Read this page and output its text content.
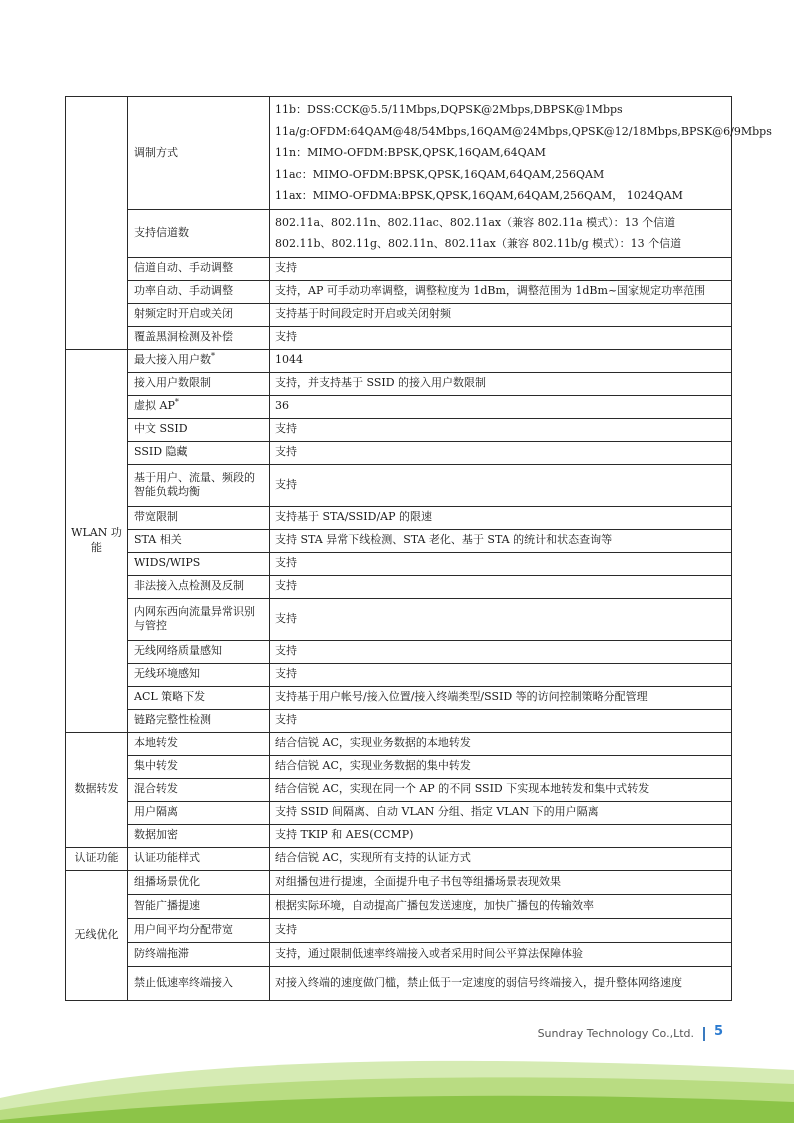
	调制方式	11b：DSS:CCK@5.5/11Mbps,DQPSK@2Mbps,DBPSK@1Mbps
11a/g:OFDM:64QAM@48/54Mbps,16QAM@24Mbps,QPSK@12/18Mbps,BPSK@6/9Mbps
11n：MIMO-OFDM:BPSK,QPSK,16QAM,64QAM
11ac：MIMO-OFDM:BPSK,QPSK,16QAM,64QAM,256QAM
11ax：MIMO-OFDMA:BPSK,QPSK,16QAM,64QAM,256QAM， 1024QAM

	支持信道数	802.11a、802.11n、802.11ac、802.11ax（兼容 802.11a 模式）：13 个信道
802.11b、802.11g、802.11n、802.11ax（兼容 802.11b/g 模式）：13 个信道

	信道自动、手动调整	支持
	功率自动、手动调整	支持，AP 可手动功率调整，调整粒度为 1dBm，调整范围为 1dBm~国家规定功率范围
	射频定时开启或关闭	支持基于时间段定时开启或关闭射频
	覆盖黑洞检测及补偿	支持
WLAN 功能	最大接入用户数*	1044
	接入用户数限制	支持，并支持基于 SSID 的接入用户数限制
	虚拟 AP*	36
	中文 SSID	支持
	SSID 隐藏	支持
	基于用户、流量、频段的智能负载均衡	支持
	带宽限制	支持基于 STA/SSID/AP 的限速
	STA 相关	支持 STA 异常下线检测、STA 老化、基于 STA 的统计和状态查询等
	WIDS/WIPS	支持
	非法接入点检测及反制	支持
	内网东西向流量异常识别与管控	支持
	无线网络质量感知	支持
	无线环境感知	支持
	ACL 策略下发	支持基于用户帐号/接入位置/接入终端类型/SSID 等的访问控制策略分配管理
	链路完整性检测	支持
数据转发	本地转发	结合信锐 AC，实现业务数据的本地转发
	集中转发	结合信锐 AC，实现业务数据的集中转发
	混合转发	结合信锐 AC，实现在同一个 AP 的不同 SSID 下实现本地转发和集中式转发
	用户隔离	支持 SSID 间隔离、自动 VLAN 分组、指定 VLAN 下的用户隔离
	数据加密	支持 TKIP 和 AES(CCMP)
认证功能	认证功能样式	结合信锐 AC，实现所有支持的认证方式
无线优化	组播场景优化	对组播包进行提速，全面提升电子书包等组播场景表现效果
	智能广播提速	根据实际环境，自动提高广播包发送速度，加快广播包的传输效率
	用户间平均分配带宽	支持
	防终端拖滞	支持，通过限制低速率终端接入或者采用时间公平算法保障体验
	禁止低速率终端接入	对接入终端的速度做门槛，禁止低于一定速度的弱信号终端接入，提升整体网络速度
Sundray Technology Co.,Ltd. 5
